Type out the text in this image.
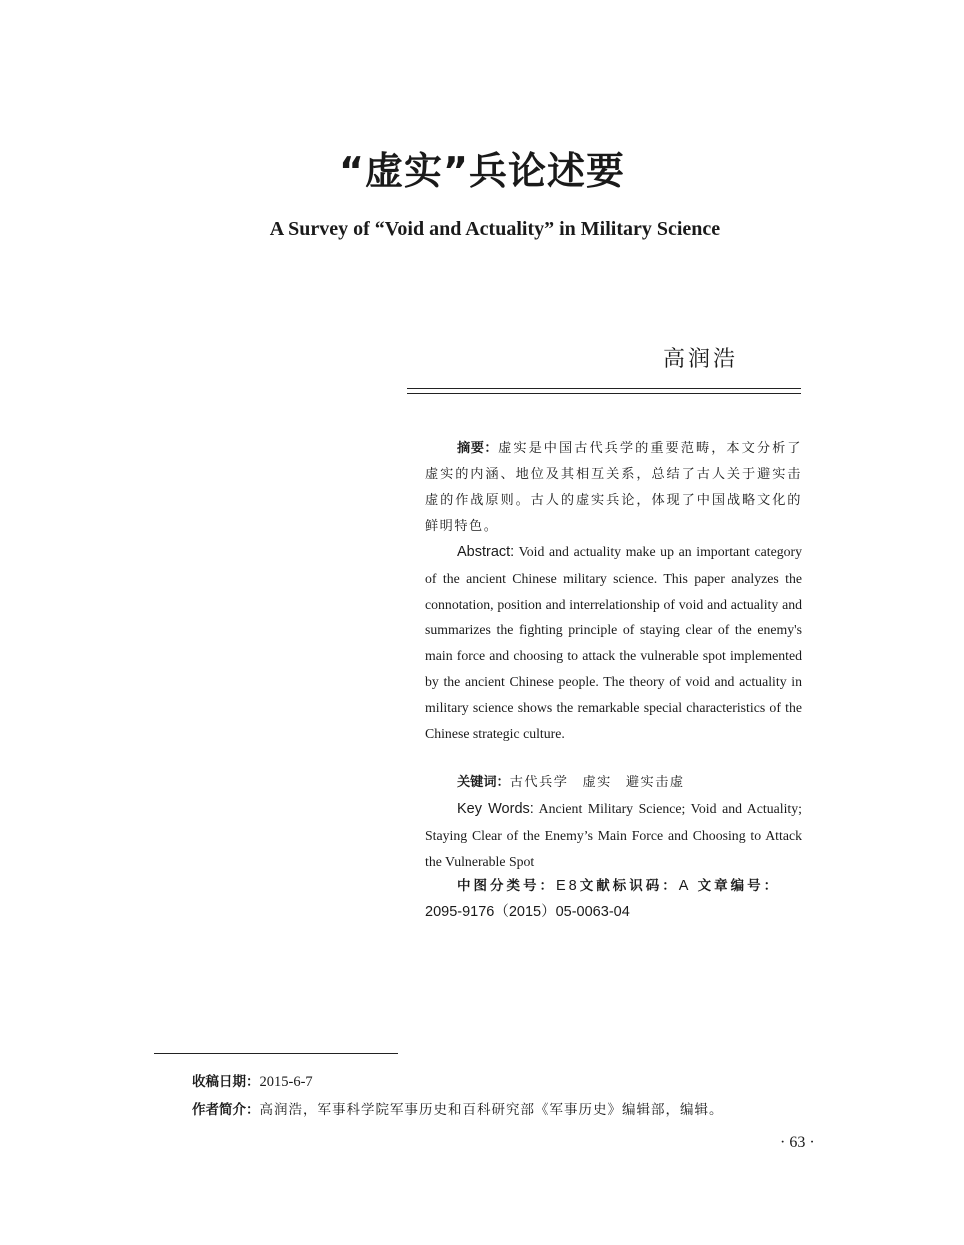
“虚实”兵论述要
A Survey of “Void and Actuality” in Military Science
高润浩
摘要：虚实是中国古代兵学的重要范畴，本文分析了虚实的内涵、地位及其相互关系，总结了古人关于避实击虚的作战原则。古人的虚实兵论，体现了中国战略文化的鲜明特色。
Abstract: Void and actuality make up an important category of the ancient Chinese military science. This paper analyzes the connotation, position and interrelationship of void and actuality and summarizes the fighting principle of staying clear of the enemy's main force and choosing to attack the vulnerable spot implemented by the ancient Chinese people. The theory of void and actuality in military science shows the remarkable special characteristics of the Chinese strategic culture.
关键词：古代兵学 虚实 避实击虚
Key Words: Ancient Military Science; Void and Actuality; Staying Clear of the Enemy’s Main Force and Choosing to Attack the Vulnerable Spot
中图分类号：E8文献标识码：A 文章编号：
2095-9176（2015）05-0063-04
收稿日期：2015-6-7
作者简介：高润浩，军事科学院军事历史和百科研究部《军事历史》编辑部，编辑。
· 63 ·
